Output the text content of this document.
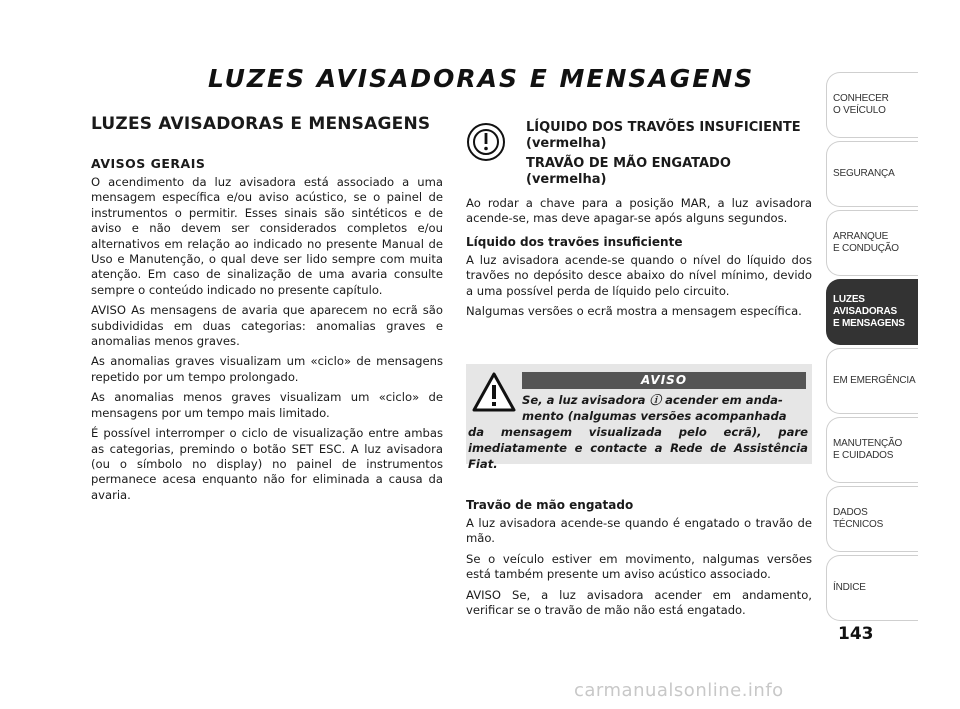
LUZES AVISADORAS E MENSAGENS
LUZES AVISADORAS E MENSAGENS
AVISOS GERAIS

O acendimento da luz avisadora está associado a uma mensagem específica e/ou aviso acústico, se o painel de instrumentos o permitir. Esses sinais são sintéticos e de aviso e não devem ser considerados completos e/ou alternativos em relação ao indicado no presente Manual de Uso e Manutenção, o qual deve ser lido sempre com muita atenção. Em caso de sinalização de uma avaria consulte sempre o conteúdo indicado no presente capítulo.

AVISO As mensagens de avaria que aparecem no ecrã são subdivididas em duas categorias: anomalias graves e anomalias menos graves.

As anomalias graves visualizam um «ciclo» de mensagens repetido por um tempo prolongado.

As anomalias menos graves visualizam um «ciclo» de mensagens por um tempo mais limitado.

É possível interromper o ciclo de visualização entre ambas as categorias, premindo o botão SET ESC. A luz avisadora (ou o símbolo no display) no painel de instrumentos permanece acesa enquanto não for eliminada a causa da avaria.

LÍQUIDO DOS TRAVÕES INSUFICIENTE (vermelha)
TRAVÃO DE MÃO ENGATADO (vermelha)

Ao rodar a chave para a posição MAR, a luz avisadora acende-se, mas deve apagar-se após alguns segundos.

Líquido dos travões insuficiente

A luz avisadora acende-se quando o nível do líquido dos travões no depósito desce abaixo do nível mínimo, devido a uma possível perda de líquido pelo circuito.

Nalgumas versões o ecrã mostra a mensagem específica.

AVISO
Se, a luz avisadora ⓘ acender em anda-
mento (nalgumas versões acompanhada
da mensagem visualizada pelo ecrã), pare imediatamente e contacte a Rede de Assistência Fiat.
Travão de mão engatado

A luz avisadora acende-se quando é engatado o travão de mão.

Se o veículo estiver em movimento, nalgumas versões está também presente um aviso acústico associado.

AVISO Se, a luz avisadora acender em andamento, verificar se o travão de mão não está engatado.

CONHECER
O VEÍCULO
SEGURANÇA
ARRANQUE
E CONDUÇÃO
LUZES
AVISADORAS
E MENSAGENS
EM EMERGÊNCIA
MANUTENÇÃO
E CUIDADOS
DADOS TÉCNICOS
ÍNDICE
143
carmanualsonline.info
